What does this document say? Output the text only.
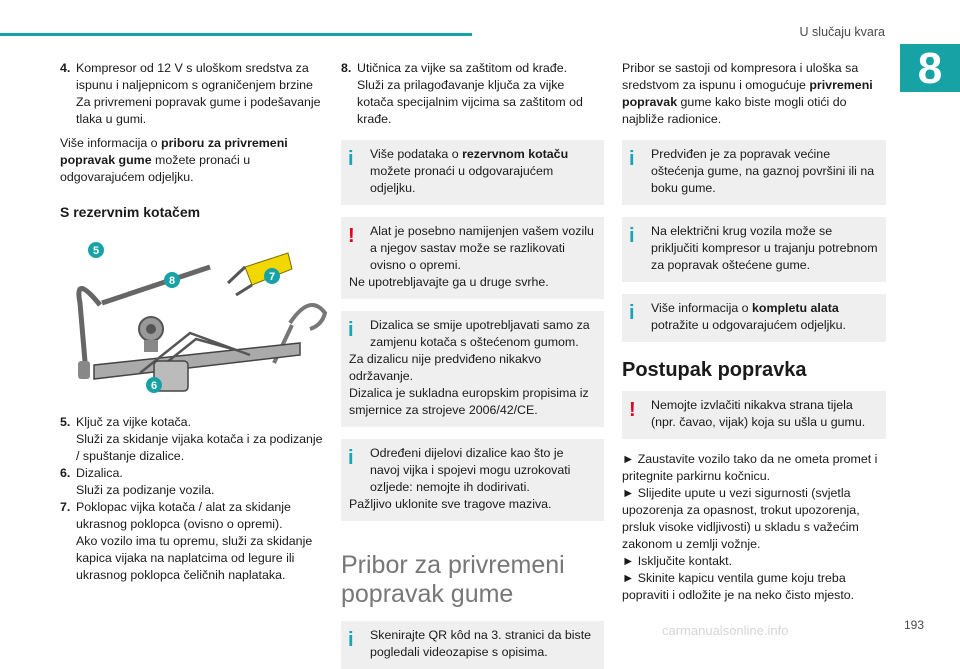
U slučaju kvara
8
4. Kompresor od 12 V s uloškom sredstva za ispunu i naljepnicom s ograničenjem brzine Za privremeni popravak gume i podešavanje tlaka u gumi.

Više informacija o priboru za privremeni popravak gume možete pronaći u odgovarajućem odjeljku.

S rezervnim kotačem
5
6
7
8
5. Ključ za vijke kotača.
Služi za skidanje vijaka kotača i za podizanje / spuštanje dizalice.
6. Dizalica.
Služi za podizanje vozila.
7. Poklopac vijka kotača / alat za skidanje ukrasnog poklopca (ovisno o opremi).
Ako vozilo ima tu opremu, služi za skidanje kapica vijaka na naplatcima od legure ili ukrasnog poklopca čeličnih naplataka.
8. Utičnica za vijke sa zaštitom od krađe.
Služi za prilagođavanje ključa za vijke kotača specijalnim vijcima sa zaštitom od krađe.
i	Više podataka o rezervnom kotaču možete pronaći u odgovarajućem odjeljku.
!	Alat je posebno namijenjen vašem vozilu a njegov sastav može se razlikovati ovisno o opremi.
Ne upotrebljavajte ga u druge svrhe.
i	Dizalica se smije upotrebljavati samo za zamjenu kotača s oštećenom gumom.
Za dizalicu nije predviđeno nikakvo održavanje.
Dizalica je sukladna europskim propisima iz smjernice za strojeve 2006/42/CE.
i	Određeni dijelovi dizalice kao što je navoj vijka i spojevi mogu uzrokovati ozljede: nemojte ih dodirivati.
Pažljivo uklonite sve tragove maziva.
Pribor za privremeni popravak gume
i	Skenirajte QR kôd na 3. stranici da biste pogledali videozapise s opisima.

Pribor se sastoji od kompresora i uloška sa sredstvom za ispunu i omogućuje privremeni popravak gume kako biste mogli otići do najbliže radionice.

i	Predviđen je za popravak većine oštećenja gume, na gaznoj površini ili na boku gume.
i	Na električni krug vozila može se priključiti kompresor u trajanju potrebnom za popravak oštećene gume.
i	Više informacija o kompletu alata potražite u odgovarajućem odjeljku.
Postupak popravka
!	Nemojte izvlačiti nikakva strana tijela (npr. čavao, vijak) koja su ušla u gumu.
► Zaustavite vozilo tako da ne ometa promet i pritegnite parkirnu kočnicu.
► Slijedite upute u vezi sigurnosti (svjetla upozorenja za opasnost, trokut upozorenja, prsluk visoke vidljivosti) u skladu s važećim zakonom u zemlji vožnje.
► Isključite kontakt.
► Skinite kapicu ventila gume koju treba popraviti i odložite je na neko čisto mjesto.
193
carmanualsonline.info
